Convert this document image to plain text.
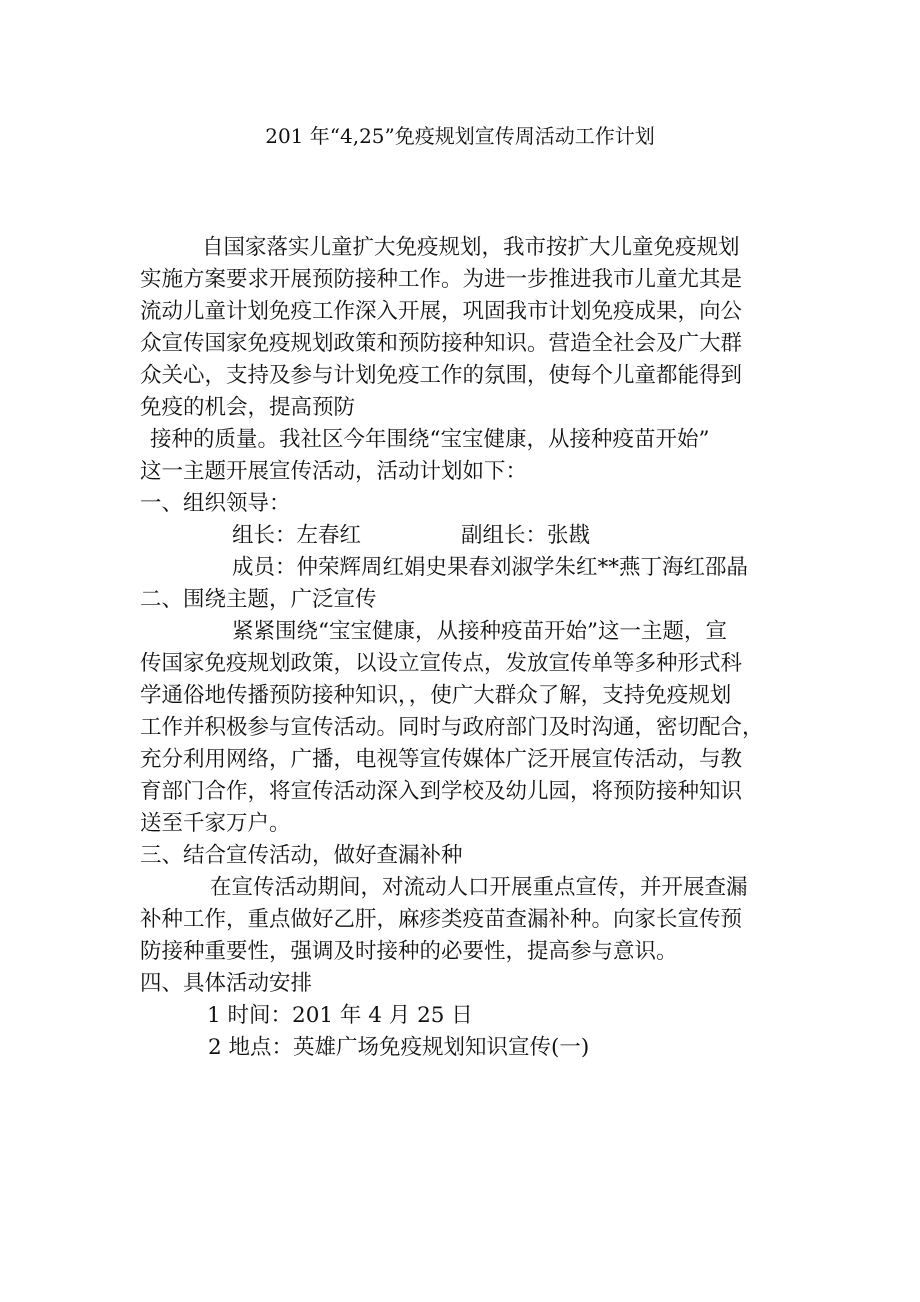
201 年“4,25”免疫规划宣传周活动工作计划
自国家落实儿童扩大免疫规划，我市按扩大儿童免疫规划
实施方案要求开展预防接种工作。为进一步推进我市儿童尤其是
流动儿童计划免疫工作深入开展，巩固我市计划免疫成果，向公
众宣传国家免疫规划政策和预防接种知识。营造全社会及广大群
众关心，支持及参与计划免疫工作的氛围，使每个儿童都能得到
免疫的机会，提高预防
接种的质量。我社区今年围绕“宝宝健康，从接种疫苗开始”
这一主题开展宣传活动，活动计划如下：
一、组织领导：
组长：左春红	副组长：张戡
成员：仲荣辉周红娟史果春刘淑学朱红**燕丁海红邵晶
二、围绕主题，广泛宣传
紧紧围绕“宝宝健康，从接种疫苗开始”这一主题，宣
传国家免疫规划政策，以设立宣传点，发放宣传单等多种形式科
学通俗地传播预防接种知识，，使广大群众了解，支持免疫规划
工作并积极参与宣传活动。同时与政府部门及时沟通，密切配合，
充分利用网络，广播，电视等宣传媒体广泛开展宣传活动，与教
育部门合作，将宣传活动深入到学校及幼儿园，将预防接种知识
送至千家万户。
三、结合宣传活动，做好查漏补种
在宣传活动期间，对流动人口开展重点宣传，并开展查漏
补种工作，重点做好乙肝，麻疹类疫苗查漏补种。向家长宣传预
防接种重要性，强调及时接种的必要性，提高参与意识。
四、具体活动安排
1 时间：201 年 4 月 25 日
2 地点：英雄广场免疫规划知识宣传(一)
